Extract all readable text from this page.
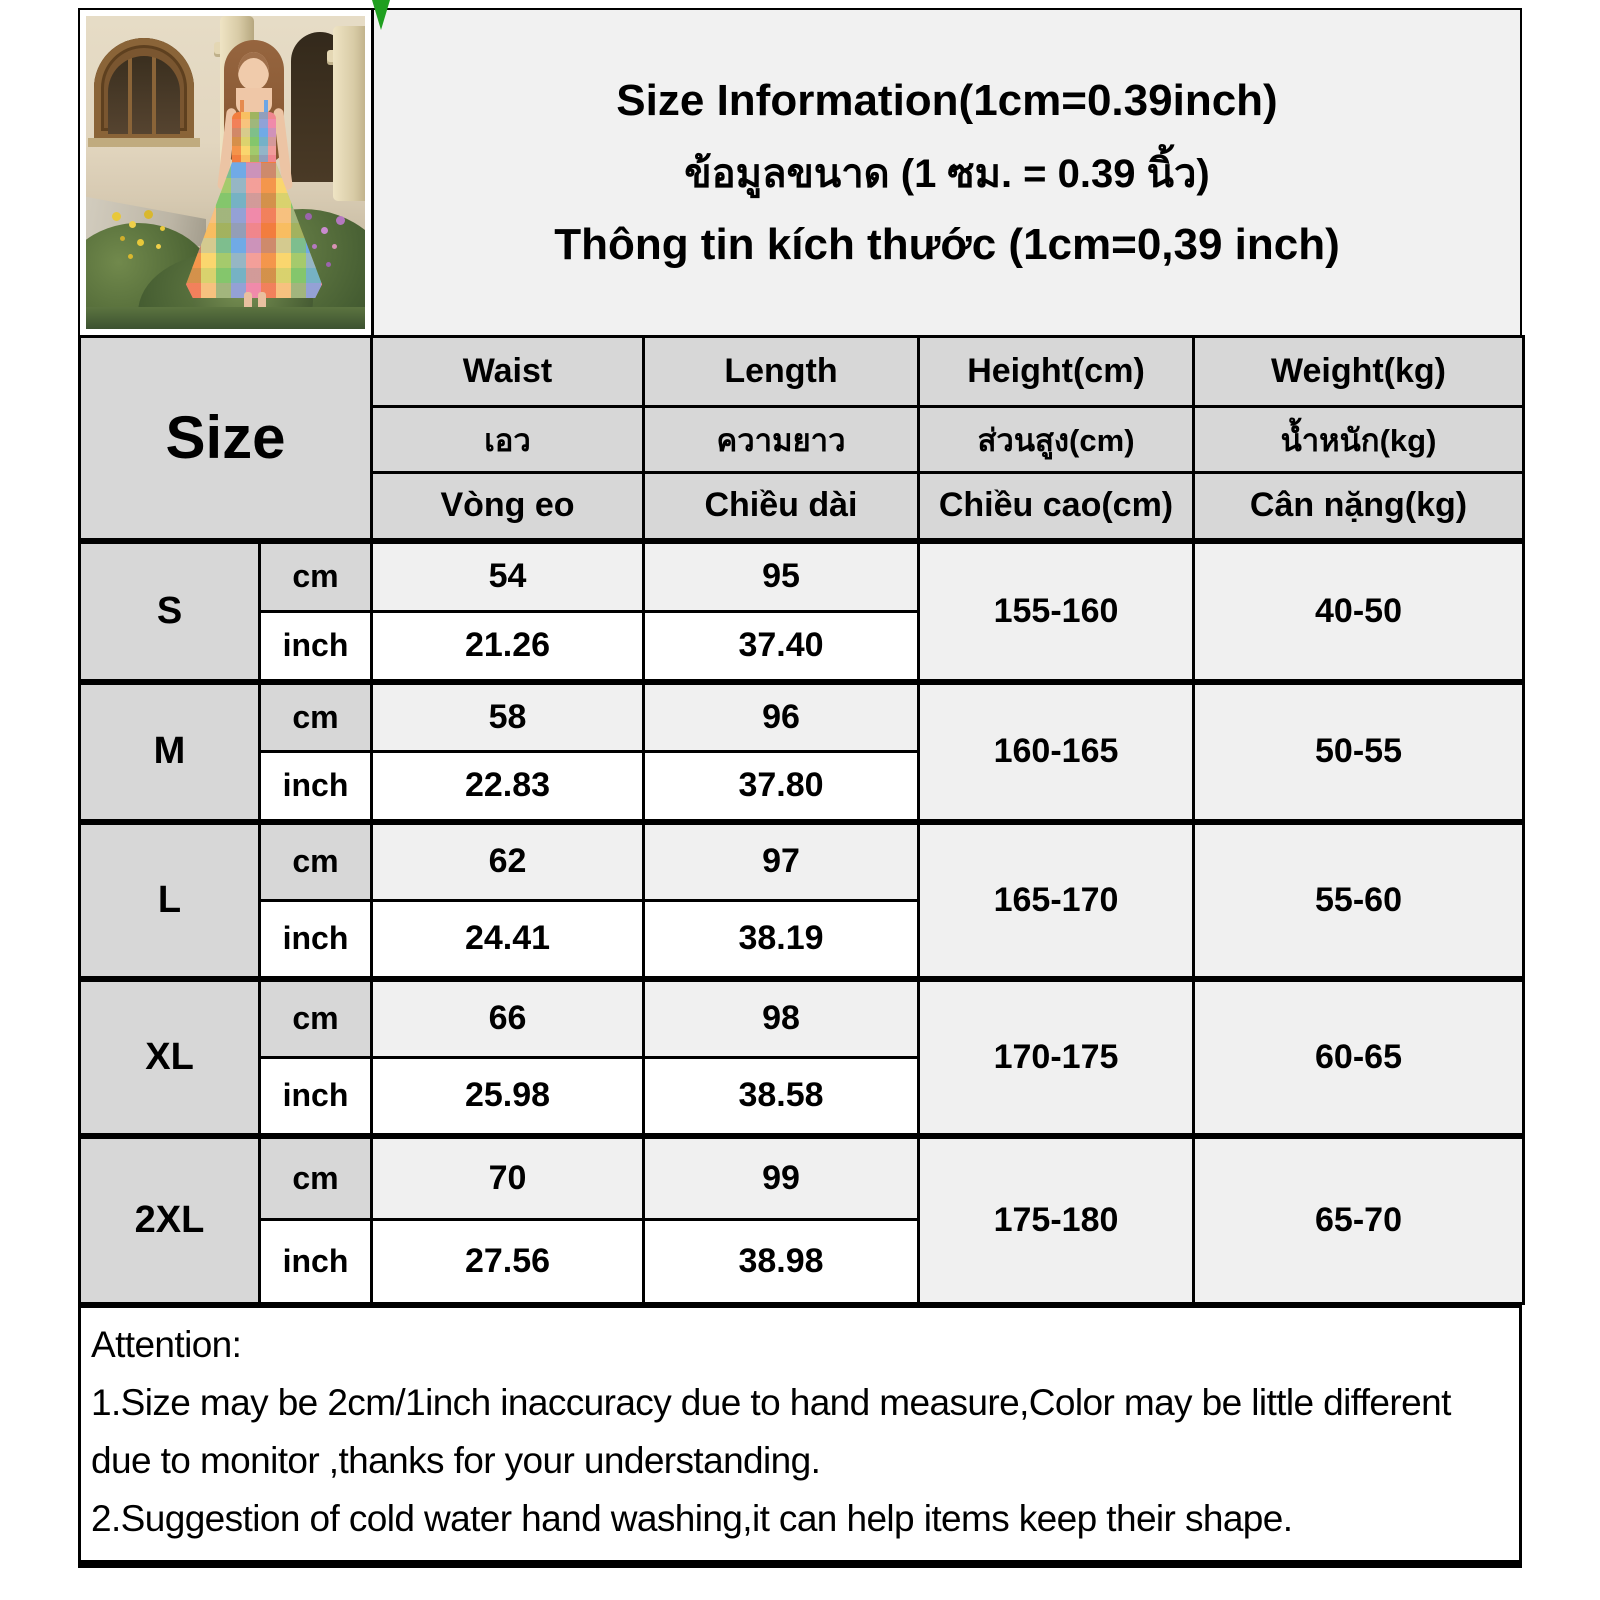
Size Information(1cm=0.39inch)
ข้อมูลขนาด (1 ซม. = 0.39 นิ้ว)
Thông tin kích thước (1cm=0,39 inch)
Size		Waist	Length	Height(cm)	Weight(kg)
		เอว	ความยาว	ส่วนสูง(cm)	น้ำหนัก(kg)
		Vòng eo	Chiều dài	Chiều cao(cm)	Cân nặng(kg)
S	cm	54	95	155-160	40-50
	inch	21.26	37.40		
M	cm	58	96	160-165	50-55
	inch	22.83	37.80		
L	cm	62	97	165-170	55-60
	inch	24.41	38.19		
XL	cm	66	98	170-175	60-65
	inch	25.98	38.58		
2XL	cm	70	99	175-180	65-70
	inch	27.56	38.98		

Attention:

1.Size may be 2cm/1inch inaccuracy due to hand measure,Color may be little different due to monitor ,thanks for your understanding.

2.Suggestion of cold water hand washing,it can help items keep their shape.
